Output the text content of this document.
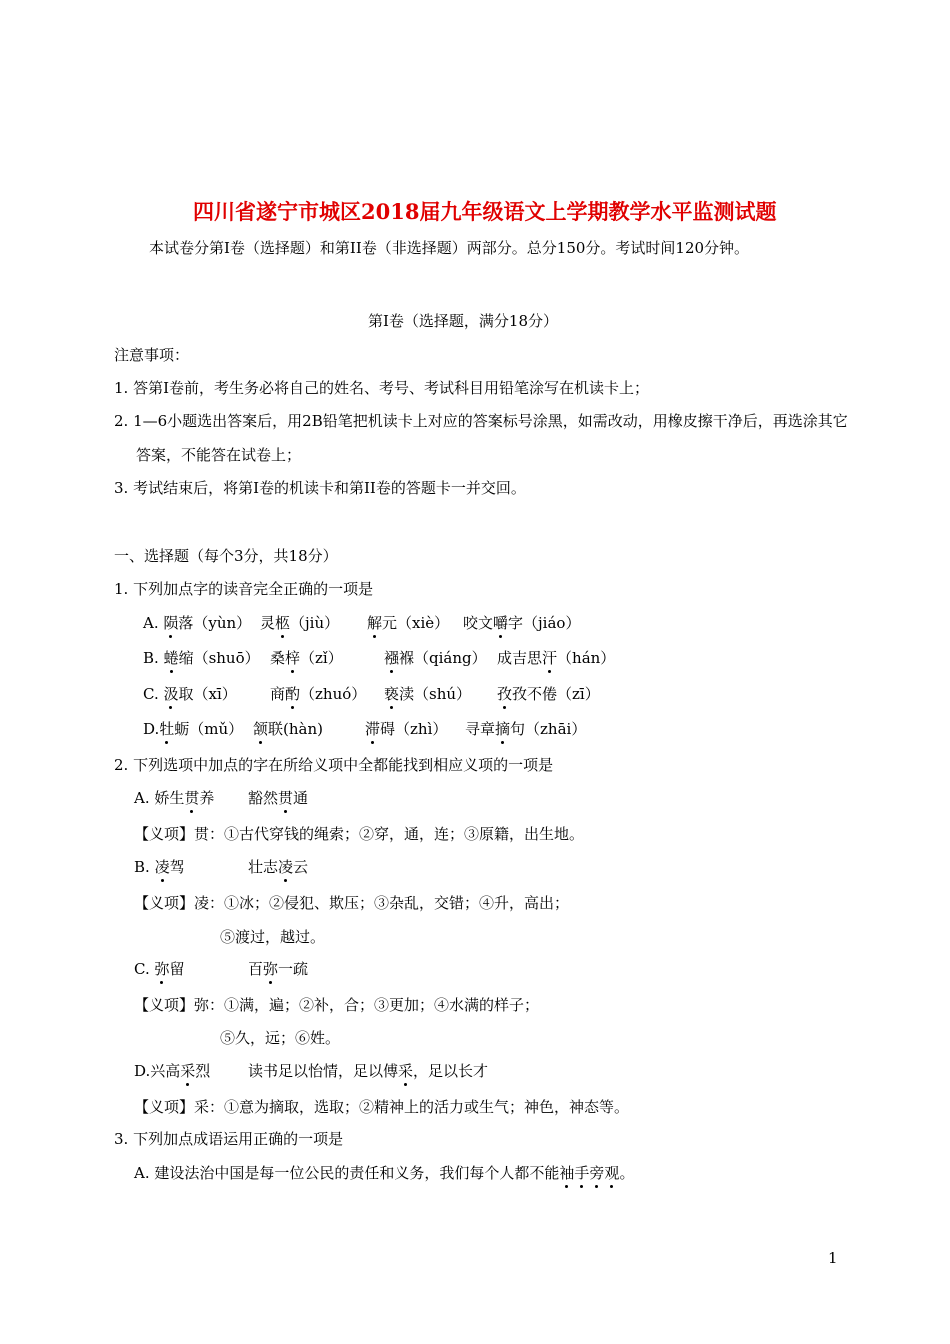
四川省遂宁市城区2018届九年级语文上学期教学水平监测试题
本试卷分第Ⅰ卷（选择题）和第II卷（非选择题）两部分。总分150分。考试时间120分钟。
第Ⅰ卷（选择题，满分18分）
注意事项：
1. 答第Ⅰ卷前，考生务必将自己的姓名、考号、考试科目用铅笔涂写在机读卡上；
2. 1—6小题选出答案后，用2B铅笔把机读卡上对应的答案标号涂黑，如需改动，用橡皮擦干净后，再选涂其它
答案，不能答在试卷上；
3. 考试结束后，将第Ⅰ卷的机读卡和第II卷的答题卡一并交回。
一、选择题（每个3分，共18分）
1. 下列加点字的读音完全正确的一项是
A. 陨落（yùn） 灵柩（jiù） 解元（xiè） 咬文嚼字（jiáo）
B. 蜷缩（shuō） 桑梓（zǐ）	襁褓（qiáng） 成吉思汗（hán）
C. 汲取（xī） 商酌（zhuó） 亵渎（shú） 孜孜不倦（zī）
D.牡蛎（mǔ） 颔联(hàn)	滞碍（zhì） 寻章摘句（zhāi）
2. 下列选项中加点的字在所给义项中全都能找到相应义项的一项是
A. 娇生贯养 豁然贯通
【义项】贯：①古代穿钱的绳索；②穿，通，连；③原籍，出生地。
B. 凌驾	壮志凌云
【义项】凌：①冰；②侵犯、欺压；③杂乱，交错；④升，高出；
⑤渡过，越过。
C. 弥留	百弥一疏
【义项】弥：①满，遍；②补，合；③更加；④水满的样子；
⑤久，远；⑥姓。
D.兴高采烈	读书足以怡情，足以傅采，足以长才
【义项】采：①意为摘取，选取；②精神上的活力或生气；神色，神态等。
3. 下列加点成语运用正确的一项是
A. 建设法治中国是每一位公民的责任和义务，我们每个人都不能袖手旁观。
1
